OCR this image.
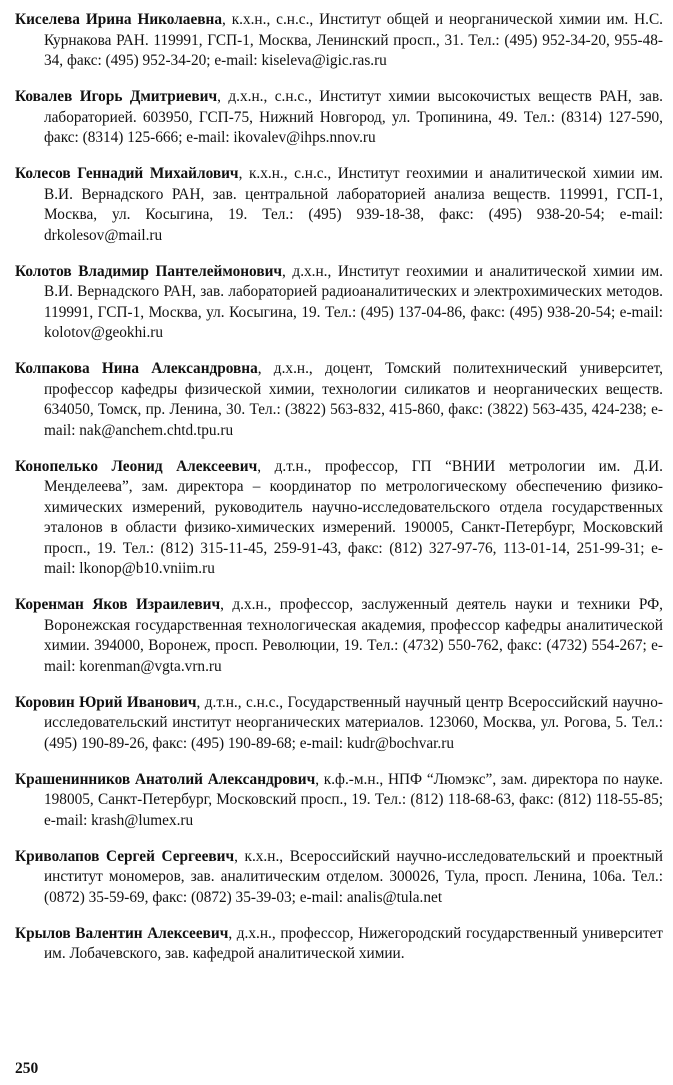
Киселева Ирина Николаевна, к.х.н., с.н.с., Институт общей и неорганической химии им. Н.С. Курнакова РАН. 119991, ГСП-1, Москва, Ленинский просп., 31. Тел.: (495) 952-34-20, 955-48-34, факс: (495) 952-34-20; e-mail: kiseleva@igic.ras.ru

Ковалев Игорь Дмитриевич, д.х.н., с.н.с., Институт химии высокочистых веществ РАН, зав. лабораторией. 603950, ГСП-75, Нижний Новгород, ул. Тропинина, 49. Тел.: (8314) 127-590, факс: (8314) 125-666; e-mail: ikovalev@ihps.nnov.ru

Колесов Геннадий Михайлович, к.х.н., с.н.с., Институт геохимии и аналитической химии им. В.И. Вернадского РАН, зав. центральной лабораторией анализа веществ. 119991, ГСП-1, Москва, ул. Косыгина, 19. Тел.: (495) 939-18-38, факс: (495) 938-20-54; e-mail: drkolesov@mail.ru

Колотов Владимир Пантелеймонович, д.х.н., Институт геохимии и аналитической химии им. В.И. Вернадского РАН, зав. лабораторией радиоаналитических и электрохимических методов. 119991, ГСП-1, Москва, ул. Косыгина, 19. Тел.: (495) 137-04-86, факс: (495) 938-20-54; e-mail: kolotov@geokhi.ru

Колпакова Нина Александровна, д.х.н., доцент, Томский политехнический университет, профессор кафедры физической химии, технологии силикатов и неорганических веществ. 634050, Томск, пр. Ленина, 30. Тел.: (3822) 563-832, 415-860, факс: (3822) 563-435, 424-238; e-mail: nak@anchem.chtd.tpu.ru

Конопелько Леонид Алексеевич, д.т.н., профессор, ГП “ВНИИ метрологии им. Д.И. Менделеева”, зам. директора – координатор по метрологическому обеспечению физико-химических измерений, руководитель научно-исследовательского отдела государственных эталонов в области физико-химических измерений. 190005, Санкт-Петербург, Московский просп., 19. Тел.: (812) 315-11-45, 259-91-43, факс: (812) 327-97-76, 113-01-14, 251-99-31; e-mail: lkonop@b10.vniim.ru

Коренман Яков Израилевич, д.х.н., профессор, заслуженный деятель науки и техники РФ, Воронежская государственная технологическая академия, профессор кафедры аналитической химии. 394000, Воронеж, просп. Революции, 19. Тел.: (4732) 550-762, факс: (4732) 554-267; e-mail: korenman@vgta.vrn.ru

Коровин Юрий Иванович, д.т.н., с.н.с., Государственный научный центр Всероссийский научно-исследовательский институт неорганических материалов. 123060, Москва, ул. Рогова, 5. Тел.: (495) 190-89-26, факс: (495) 190-89-68; e-mail: kudr@bochvar.ru

Крашенинников Анатолий Александрович, к.ф.-м.н., НПФ “Люмэкс”, зам. директора по науке. 198005, Санкт-Петербург, Московский просп., 19. Тел.: (812) 118-68-63, факс: (812) 118-55-85; e-mail: krash@lumex.ru

Криволапов Сергей Сергеевич, к.х.н., Всероссийский научно-исследовательский и проектный институт мономеров, зав. аналитическим отделом. 300026, Тула, просп. Ленина, 106а. Тел.: (0872) 35-59-69, факс: (0872) 35-39-03; e-mail: analis@tula.net

Крылов Валентин Алексеевич, д.х.н., профессор, Нижегородский государственный университет им. Лобачевского, зав. кафедрой аналитической химии.

250
